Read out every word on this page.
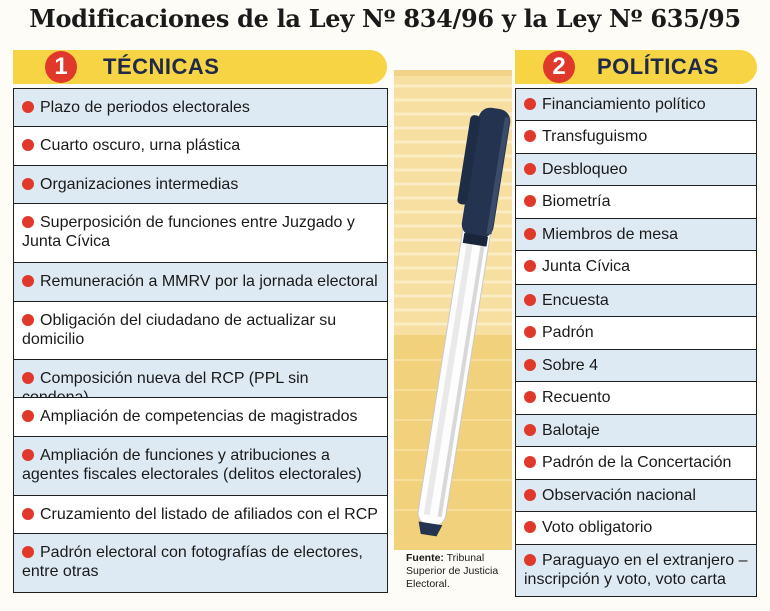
Modificaciones de la Ley Nº 834/96 y la Ley Nº 635/95
1	TÉCNICAS	2	POLÍTICAS
Plazo de periodos electorales
Cuarto oscuro, urna plástica
Organizaciones intermedias
Superposición de funciones entre Juzgado y Junta Cívica
Remuneración a MMRV por la jornada electoral
Obligación del ciudadano de actualizar su domicilio
Composición nueva del RCP (PPL sin
Ampliación de competencias de magistrados
Ampliación de funciones y atribuciones a agentes fiscales electorales (delitos electorales)
Cruzamiento del listado de afiliados con el RCP
Padrón electoral con fotografías de electores, entre otras
Financiamiento político
Transfuguismo
Desbloqueo
Biometría
Miembros de mesa
Junta Cívica
Encuesta
Padrón
Sobre 4
Recuento
Balotaje
Padrón de la Concertación
Observación nacional
Voto obligatorio
Paraguayo en el extranjero – inscripción y voto, voto carta
Fuente: Tribunal Superior de Justicia Electoral.
